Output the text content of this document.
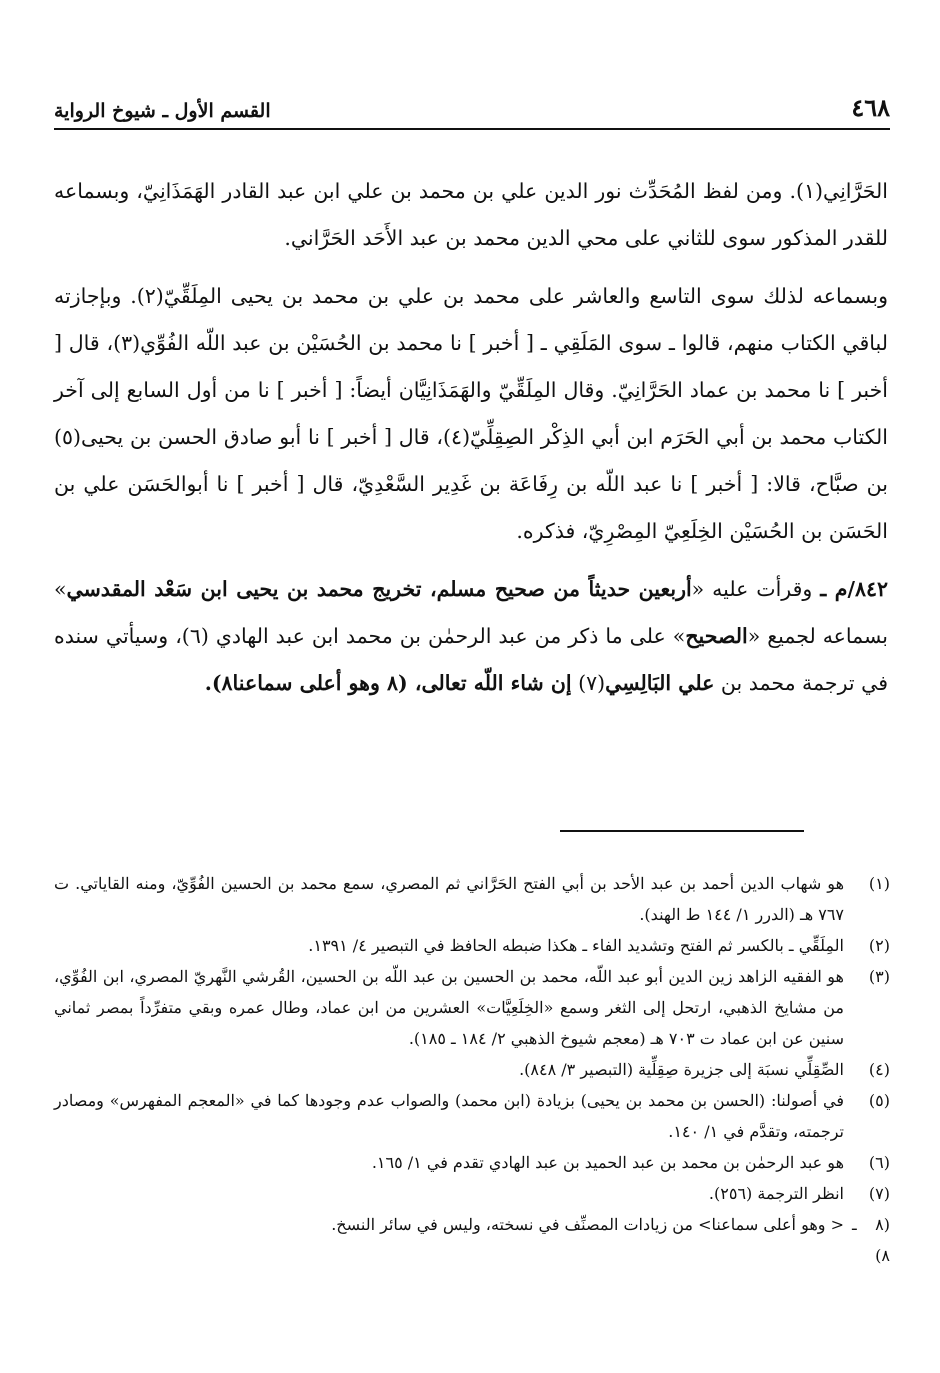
٤٦٨
القسم الأول ـ شيوخ الرواية

الحَرَّانِي(١). ومن لفظ المُحَدِّث نور الدين علي بن محمد بن علي ابن عبد القادر الهَمَذَانِيّ، وبسماعه للقدر المذكور سوى للثاني على محي الدين محمد بن عبد الأَحَد الحَرَّاني.

وبسماعه لذلك سوى التاسع والعاشر على محمد بن علي بن محمد بن يحيى المِلَقِّيّ(٢). وبإجازته لباقي الكتاب منهم، قالوا ـ سوى المَلَقِي ـ [ أخبر ] نا محمد بن الحُسَيْن بن عبد اللّه الفُوِّي(٣)، قال [ أخبر ] نا محمد بن عماد الحَرَّانِيّ. وقال المِلَقِّيّ والهَمَذَانِيَّان أيضاً: [ أخبر ] نا من أول السابع إلى آخر الكتاب محمد بن أبي الحَرَم ابن أبي الذِكْر الصِقِلِّيّ(٤)، قال [ أخبر ] نا أبو صادق الحسن بن يحيى(٥) بن صبَّاح، قالا: [ أخبر ] نا عبد اللّه بن رِفَاعَة بن غَدِير السَّعْدِيّ، قال [ أخبر ] نا أبوالحَسَن علي بن الحَسَن بن الحُسَيْن الخِلَعِيّ المِصْرِيّ، فذكره.

٨٤٢/م ـ وقرأت عليه «أربعين حديثاً من صحيح مسلم، تخريج محمد بن يحيى ابن سَعْد المقدسي» بسماعه لجميع «الصحيح» على ما ذكر من عبد الرحمٰن بن محمد ابن عبد الهادي (٦)، وسيأتي سنده في ترجمة محمد بن علي البَالِسِي(٧) إن شاء اللّه تعالى، (٨ وهو أعلى سماعنا٨).

(١)
هو شهاب الدين أحمد بن عبد الأحد بن أبي الفتح الحَرَّاني ثم المصري، سمع محمد بن الحسين الفُوِّيّ، ومنه القاياتي. ت ٧٦٧ هـ (الدرر ١/ ١٤٤ ط الهند).
(٢)
المِلَقِّي ـ بالكسر ثم الفتح وتشديد الفاء ـ هكذا ضبطه الحافظ في التبصير ٤/ ١٣٩١.
(٣)
هو الفقيه الزاهد زين الدين أبو عبد اللّه، محمد بن الحسين بن عبد اللّه بن الحسين، القُرشي النَّهريّ المصري، ابن الفُوِّي، من مشايخ الذهبي، ارتحل إلى الثغر وسمع «الخِلَعِيَّات» العشرين من ابن عماد، وطال عمره وبقي متفرِّداً بمصر ثماني سنين عن ابن عماد ت ٧٠٣ هـ (معجم شيوخ الذهبي ٢/ ١٨٤ ـ ١٨٥).
(٤)
الصِّقِلِّي نسبَة إلى جزيرة صِقِلِّية (التبصير ٣/ ٨٤٨).
(٥)
في أصولنا: (الحسن بن محمد بن يحيى) بزيادة (ابن محمد) والصواب عدم وجودها كما في «المعجم المفهرس» ومصادر ترجمته، وتقدَّم في ١/ ١٤٠.
(٦)
هو عبد الرحمٰن بن محمد بن عبد الحميد بن عبد الهادي تقدم في ١/ ١٦٥.
(٧)
انظر الترجمة (٢٥٦).
(٨ ـ ٨)
< وهو أعلى سماعنا> من زيادات المصنِّف في نسخته، وليس في سائر النسخ.
